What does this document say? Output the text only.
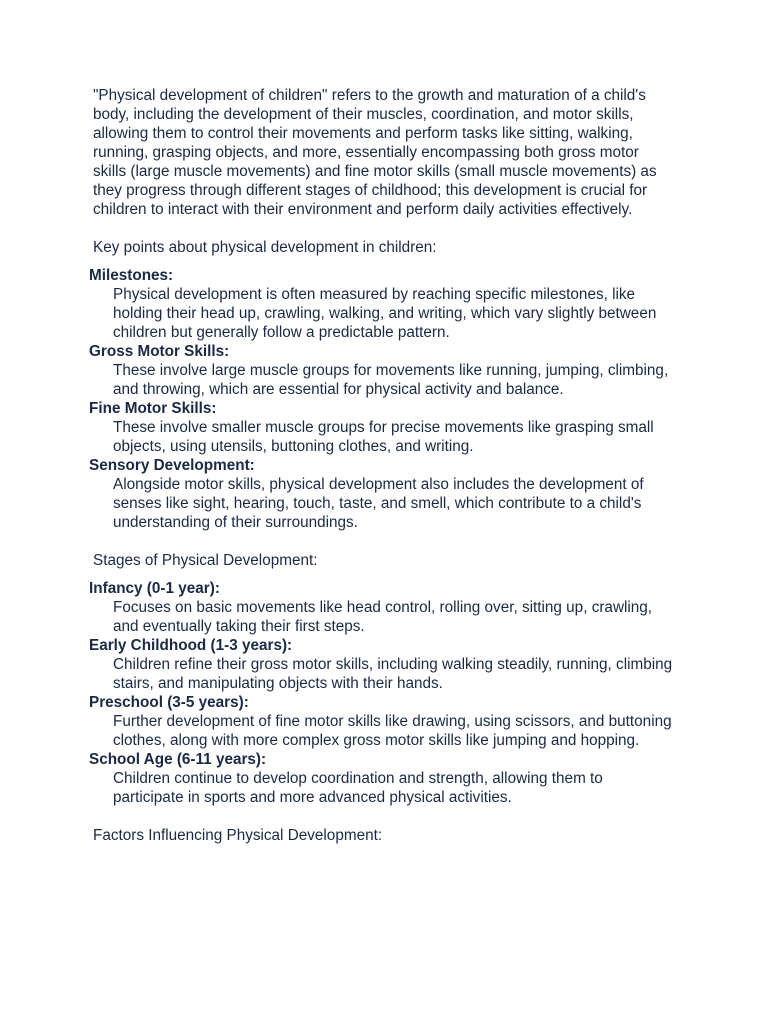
"Physical development of children" refers to the growth and maturation of a child's body, including the development of their muscles, coordination, and motor skills, allowing them to control their movements and perform tasks like sitting, walking, running, grasping objects, and more, essentially encompassing both gross motor skills (large muscle movements) and fine motor skills (small muscle movements) as they progress through different stages of childhood; this development is crucial for children to interact with their environment and perform daily activities effectively.

Key points about physical development in children:

Milestones:

Physical development is often measured by reaching specific milestones, like holding their head up, crawling, walking, and writing, which vary slightly between children but generally follow a predictable pattern.

Gross Motor Skills:

These involve large muscle groups for movements like running, jumping, climbing, and throwing, which are essential for physical activity and balance.

Fine Motor Skills:

These involve smaller muscle groups for precise movements like grasping small objects, using utensils, buttoning clothes, and writing.

Sensory Development:

Alongside motor skills, physical development also includes the development of senses like sight, hearing, touch, taste, and smell, which contribute to a child's understanding of their surroundings.

Stages of Physical Development:

Infancy (0-1 year):

Focuses on basic movements like head control, rolling over, sitting up, crawling, and eventually taking their first steps.

Early Childhood (1-3 years):

Children refine their gross motor skills, including walking steadily, running, climbing stairs, and manipulating objects with their hands.

Preschool (3-5 years):

Further development of fine motor skills like drawing, using scissors, and buttoning clothes, along with more complex gross motor skills like jumping and hopping.

School Age (6-11 years):

Children continue to develop coordination and strength, allowing them to participate in sports and more advanced physical activities.

Factors Influencing Physical Development:
